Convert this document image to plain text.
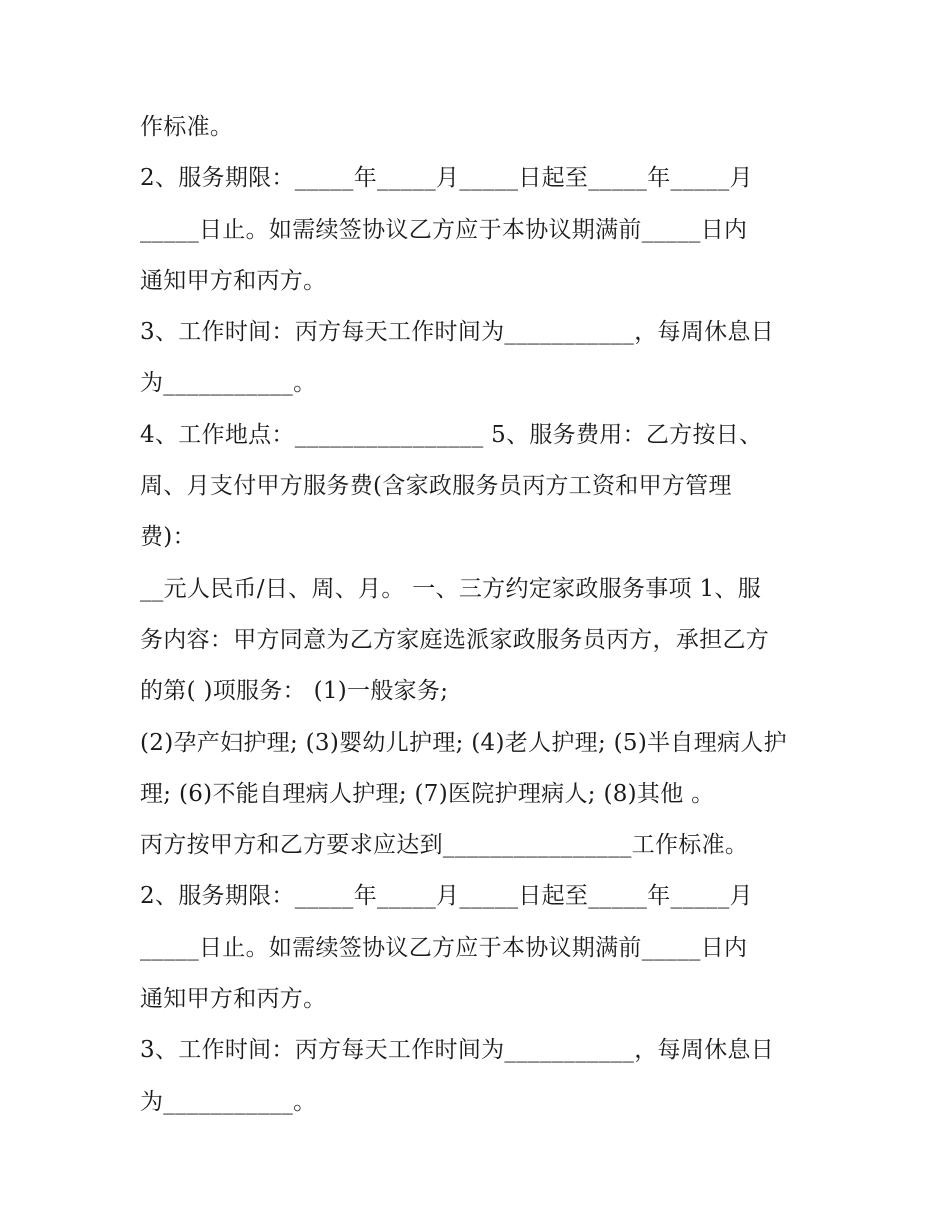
作标准。
2、服务期限：_____年_____月_____日起至_____年_____月
_____日止。如需续签协议乙方应于本协议期满前_____日内
通知甲方和丙方。
3、工作时间：丙方每天工作时间为___________，每周休息日
为___________。
4、工作地点：________________ 5、服务费用：乙方按日、
周、月支付甲方服务费(含家政服务员丙方工资和甲方管理
费)：
__元人民币/日、周、月。 一、三方约定家政服务事项 1、服
务内容：甲方同意为乙方家庭选派家政服务员丙方，承担乙方
的第( )项服务： (1)一般家务;
(2)孕产妇护理; (3)婴幼儿护理; (4)老人护理; (5)半自理病人护
理; (6)不能自理病人护理; (7)医院护理病人; (8)其他 。
丙方按甲方和乙方要求应达到________________工作标准。
2、服务期限：_____年_____月_____日起至_____年_____月
_____日止。如需续签协议乙方应于本协议期满前_____日内
通知甲方和丙方。
3、工作时间：丙方每天工作时间为___________，每周休息日
为___________。
